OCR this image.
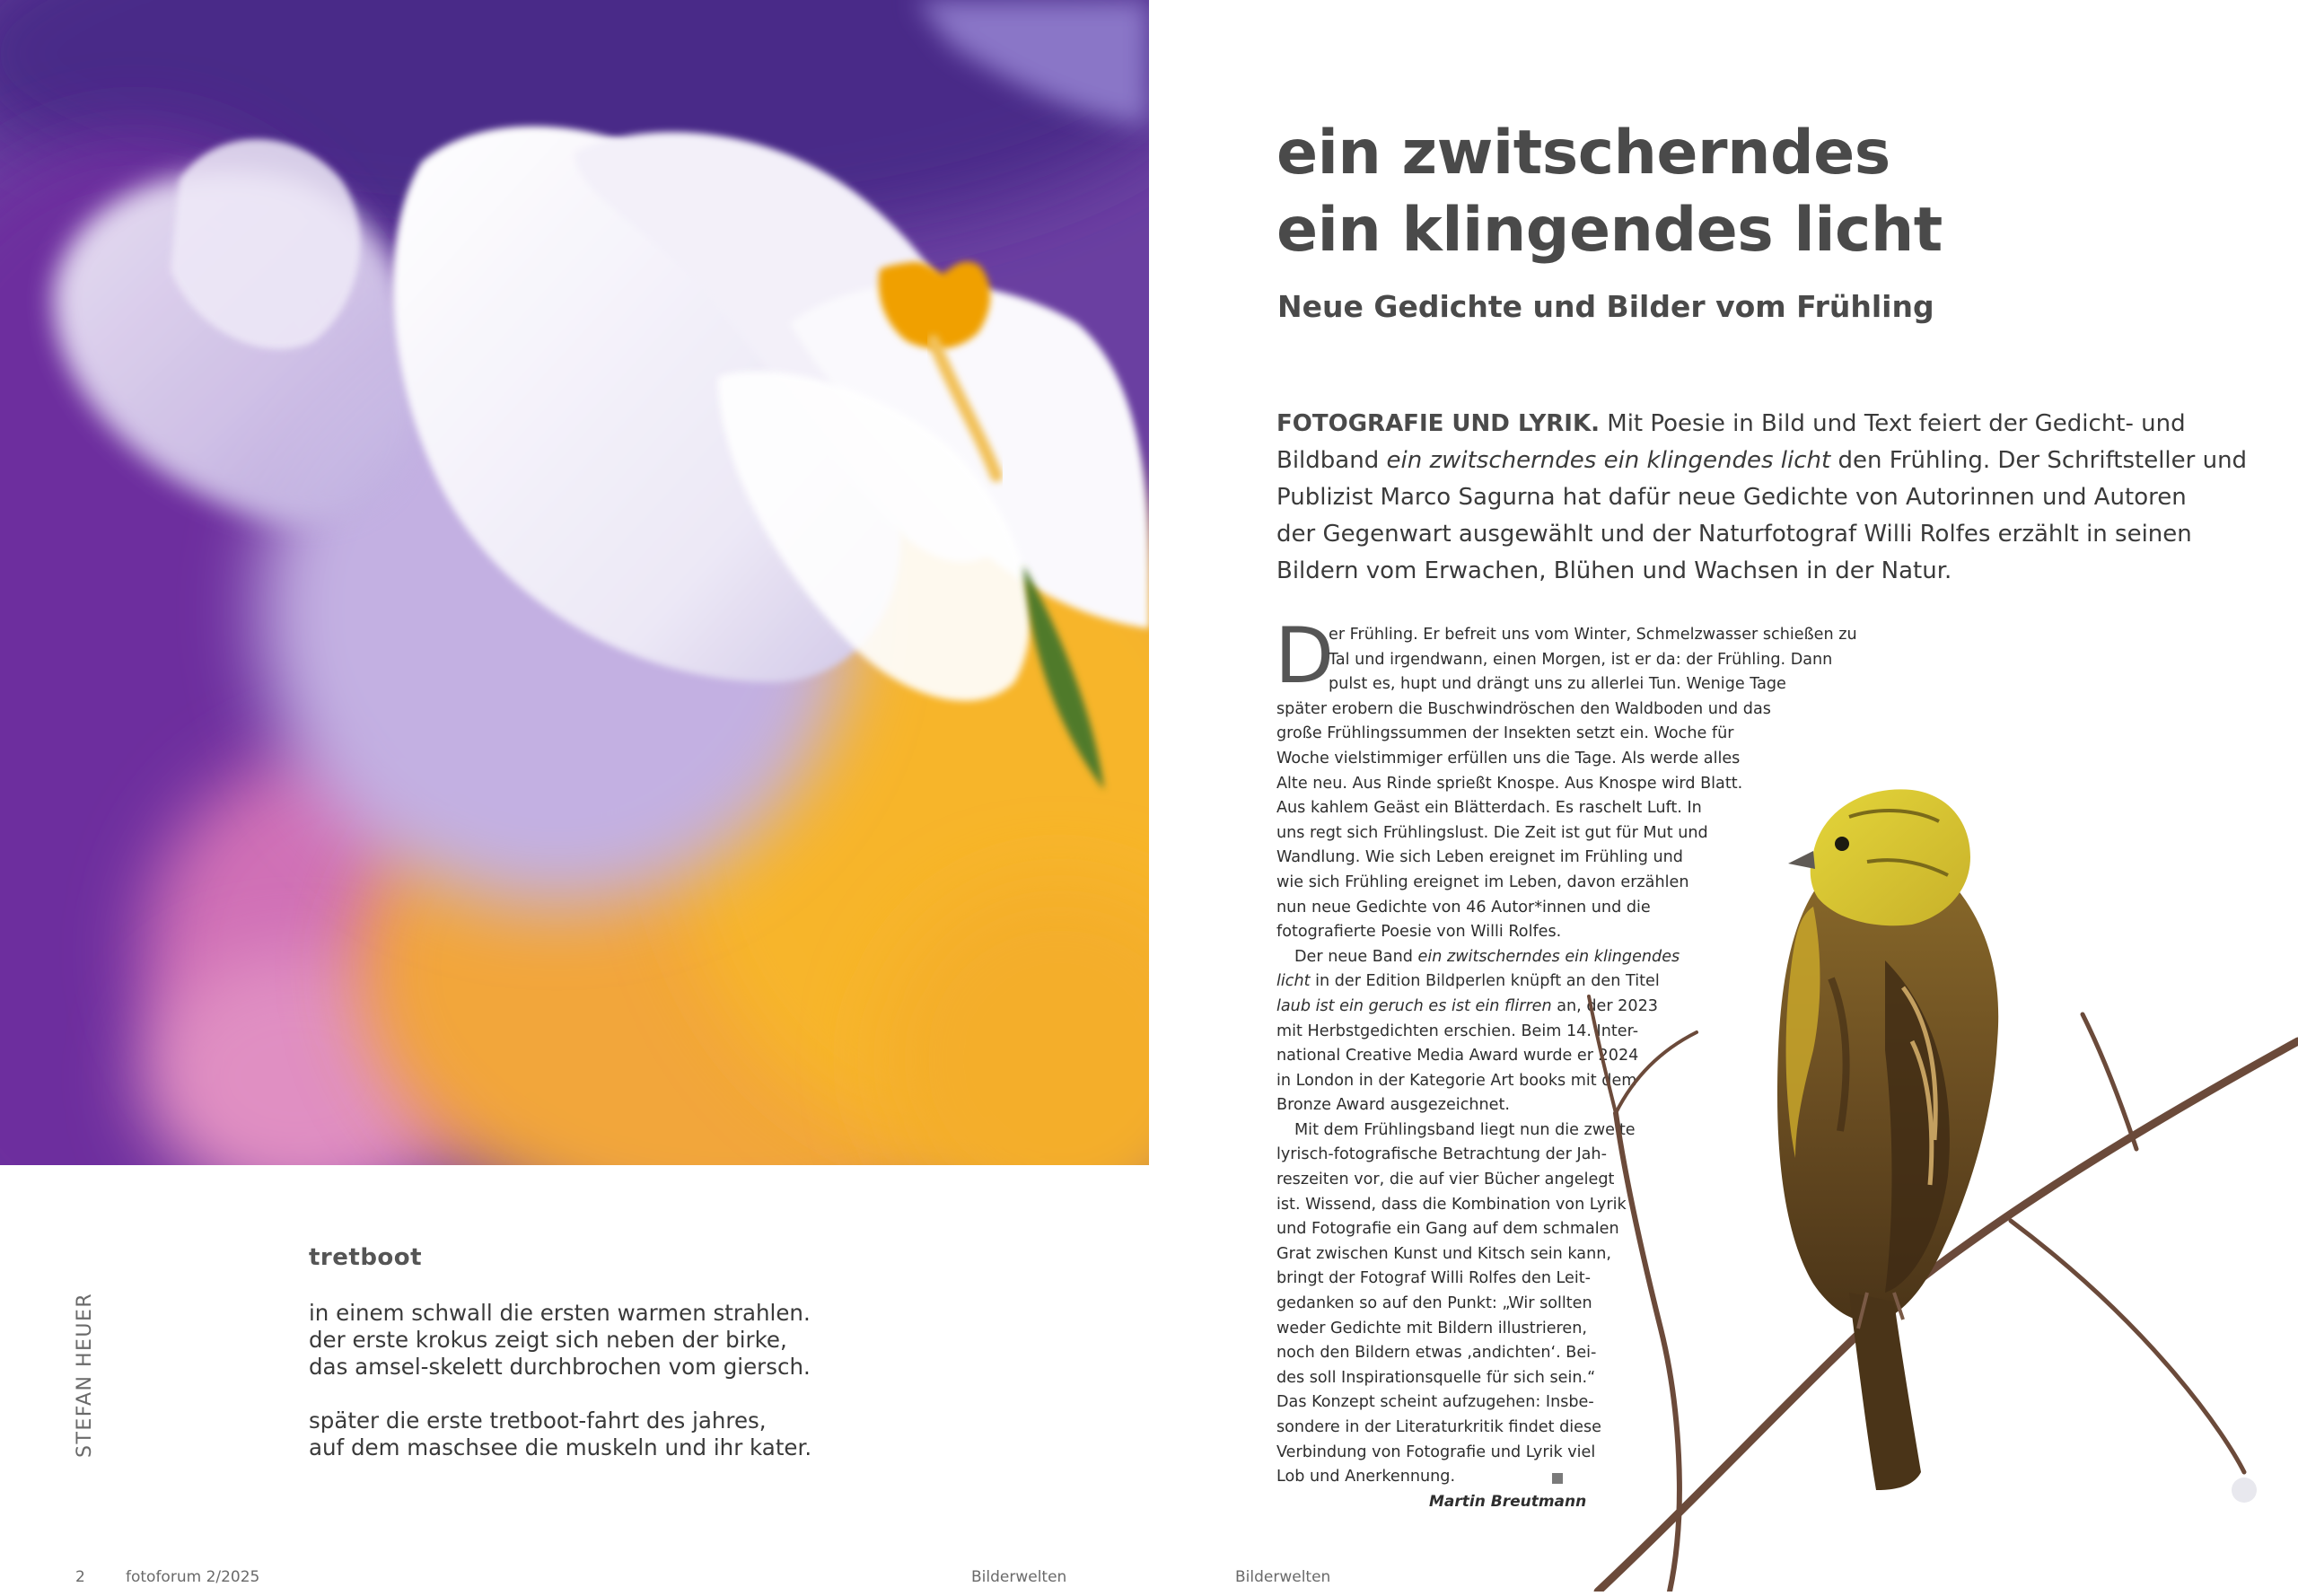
tretboot
in einem schwall die ersten warmen strahlen.
der erste krokus zeigt sich neben der birke,
das amsel-skelett durchbrochen vom giersch.
später die erste tretboot-fahrt des jahres,
auf dem maschsee die muskeln und ihr kater.
STEFAN HEUER
2	fotoforum 2/2025	Bilderwelten	Bilderwelten
ein zwitscherndes
ein klingendes licht
Neue Gedichte und Bilder vom Frühling
FOTOGRAFIE UND LYRIK. Mit Poesie in Bild und Text feiert der Gedicht- und
Bildband ein zwitscherndes ein klingendes licht den Frühling. Der Schriftsteller und
Publizist Marco Sagurna hat dafür neue Gedichte von Autorinnen und Autoren
der Gegenwart ausgewählt und der Naturfotograf Willi Rolfes erzählt in seinen
Bildern vom Erwachen, Blühen und Wachsen in der Natur.
D
er Frühling. Er befreit uns vom Winter, Schmelzwasser schießen zu
Tal und irgendwann, einen Morgen, ist er da: der Frühling. Dann
pulst es, hupt und drängt uns zu allerlei Tun. Wenige Tage
später erobern die Buschwindröschen den Waldboden und das
große Frühlingssummen der Insekten setzt ein. Woche für
Woche vielstimmiger erfüllen uns die Tage. Als werde alles
Alte neu. Aus Rinde sprießt Knospe. Aus Knospe wird Blatt.
Aus kahlem Geäst ein Blätterdach. Es raschelt Luft. In
uns regt sich Frühlingslust. Die Zeit ist gut für Mut und
Wandlung. Wie sich Leben ereignet im Frühling und
wie sich Frühling ereignet im Leben, davon erzählen
nun neue Gedichte von 46 Autor*innen und die
fotografierte Poesie von Willi Rolfes.
Der neue Band ein zwitscherndes ein klingendes
licht in der Edition Bildperlen knüpft an den Titel
laub ist ein geruch es ist ein flirren an, der 2023
mit Herbstgedichten erschien. Beim 14. Inter-
national Creative Media Award wurde er 2024
in London in der Kategorie Art books mit dem
Bronze Award ausgezeichnet.
Mit dem Frühlingsband liegt nun die zweite
lyrisch-fotografische Betrachtung der Jah-
reszeiten vor, die auf vier Bücher angelegt
ist. Wissend, dass die Kombination von Lyrik
und Fotografie ein Gang auf dem schmalen
Grat zwischen Kunst und Kitsch sein kann,
bringt der Fotograf Willi Rolfes den Leit-
gedanken so auf den Punkt: „Wir sollten
weder Gedichte mit Bildern illustrieren,
noch den Bildern etwas ‚andichten‘. Bei-
des soll Inspirationsquelle für sich sein.“
Das Konzept scheint aufzugehen: Insbe-
sondere in der Literaturkritik findet diese
Verbindung von Fotografie und Lyrik viel
Lob und Anerkennung.
Martin Breutmann
